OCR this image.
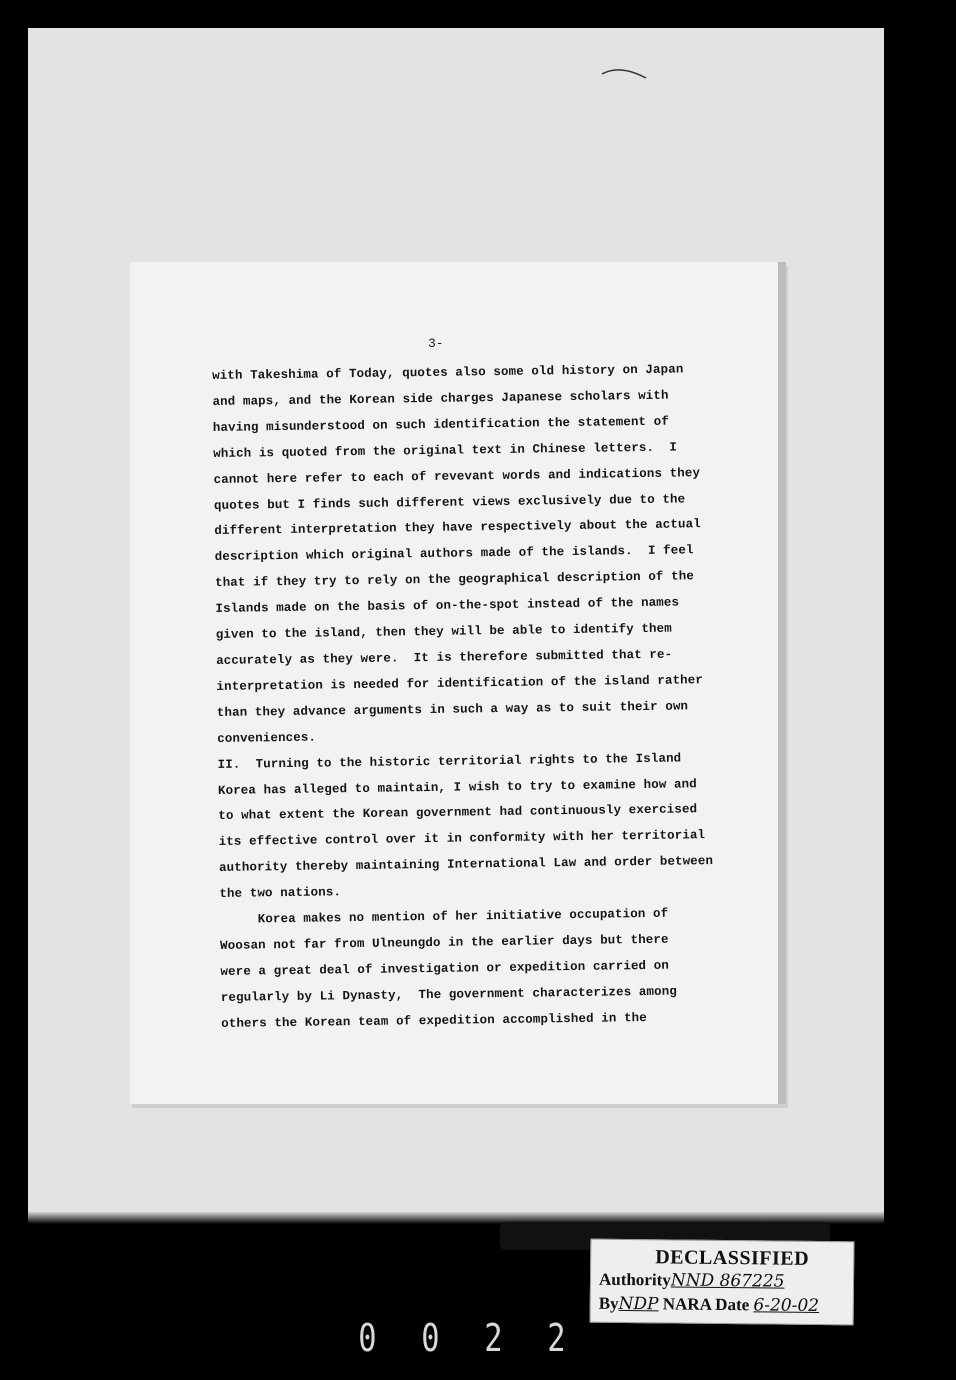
3-
with Takeshima of Today, quotes also some old history on Japan
and maps, and the Korean side charges Japanese scholars with
having misunderstood on such identification the statement of
which is quoted from the original text in Chinese letters.  I
cannot here refer to each of revevant words and indications they
quotes but I finds such different views exclusively due to the
different interpretation they have respectively about the actual
description which original authors made of the islands.  I feel
that if they try to rely on the geographical description of the
Islands made on the basis of on-the-spot instead of the names
given to the island, then they will be able to identify them
accurately as they were.  It is therefore submitted that re-
interpretation is needed for identification of the island rather
than they advance arguments in such a way as to suit their own
conveniences.
II.  Turning to the historic territorial rights to the Island
Korea has alleged to maintain, I wish to try to examine how and
to what extent the Korean government had continuously exercised
its effective control over it in conformity with her territorial
authority thereby maintaining International Law and order between
the two nations.
Korea makes no mention of her initiative occupation of
Woosan not far from Ulneungdo in the earlier days but there
were a great deal of investigation or expedition carried on
regularly by Li Dynasty,  The government characterizes among
others the Korean team of expedition accomplished in the
DECLASSIFIED
AuthorityNND 867225
ByNDP NARA Date 6-20-02
0 0 2 2
